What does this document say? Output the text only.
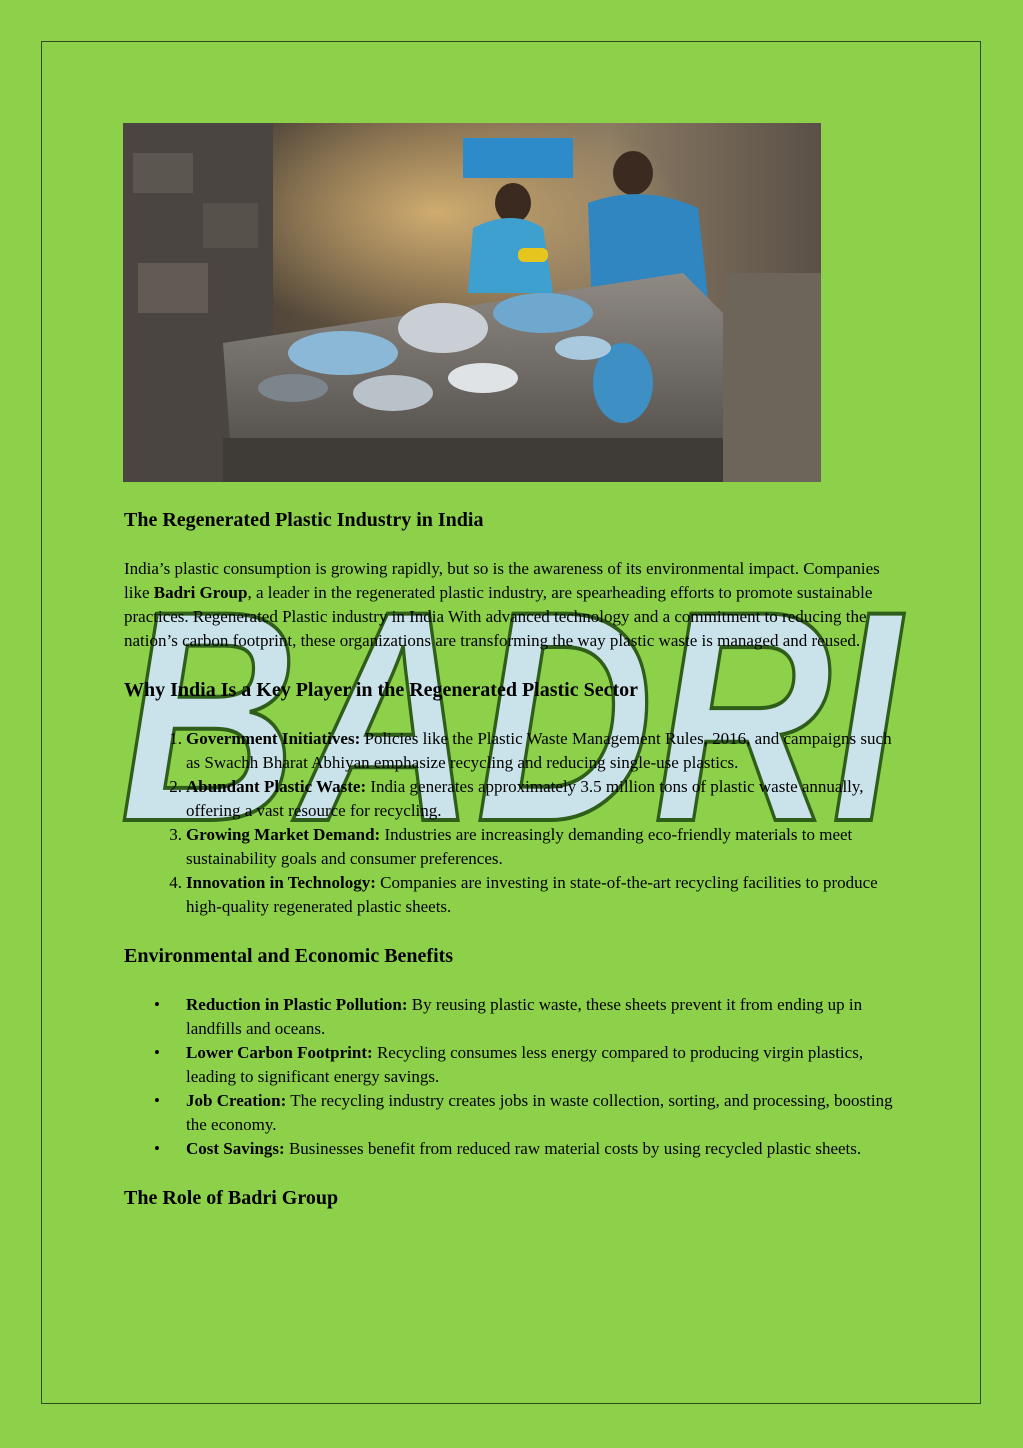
BADRI
The Regenerated Plastic Industry in India

India’s plastic consumption is growing rapidly, but so is the awareness of its environmental impact. Companies like Badri Group, a leader in the regenerated plastic industry, are spearheading efforts to promote sustainable practices. Regenerated Plastic industry in India With advanced technology and a commitment to reducing the nation’s carbon footprint, these organizations are transforming the way plastic waste is managed and reused.

Why India Is a Key Player in the Regenerated Plastic Sector
1. Government Initiatives: Policies like the Plastic Waste Management Rules, 2016, and campaigns such as Swachh Bharat Abhiyan emphasize recycling and reducing single-use plastics.
2. Abundant Plastic Waste: India generates approximately 3.5 million tons of plastic waste annually, offering a vast resource for recycling.
3. Growing Market Demand: Industries are increasingly demanding eco-friendly materials to meet sustainability goals and consumer preferences.
4. Innovation in Technology: Companies are investing in state-of-the-art recycling facilities to produce high-quality regenerated plastic sheets.
Environmental and Economic Benefits
•	Reduction in Plastic Pollution: By reusing plastic waste, these sheets prevent it from ending up in landfills and oceans.
•	Lower Carbon Footprint: Recycling consumes less energy compared to producing virgin plastics, leading to significant energy savings.
•	Job Creation: The recycling industry creates jobs in waste collection, sorting, and processing, boosting the economy.
•	Cost Savings: Businesses benefit from reduced raw material costs by using recycled plastic sheets.
The Role of Badri Group
